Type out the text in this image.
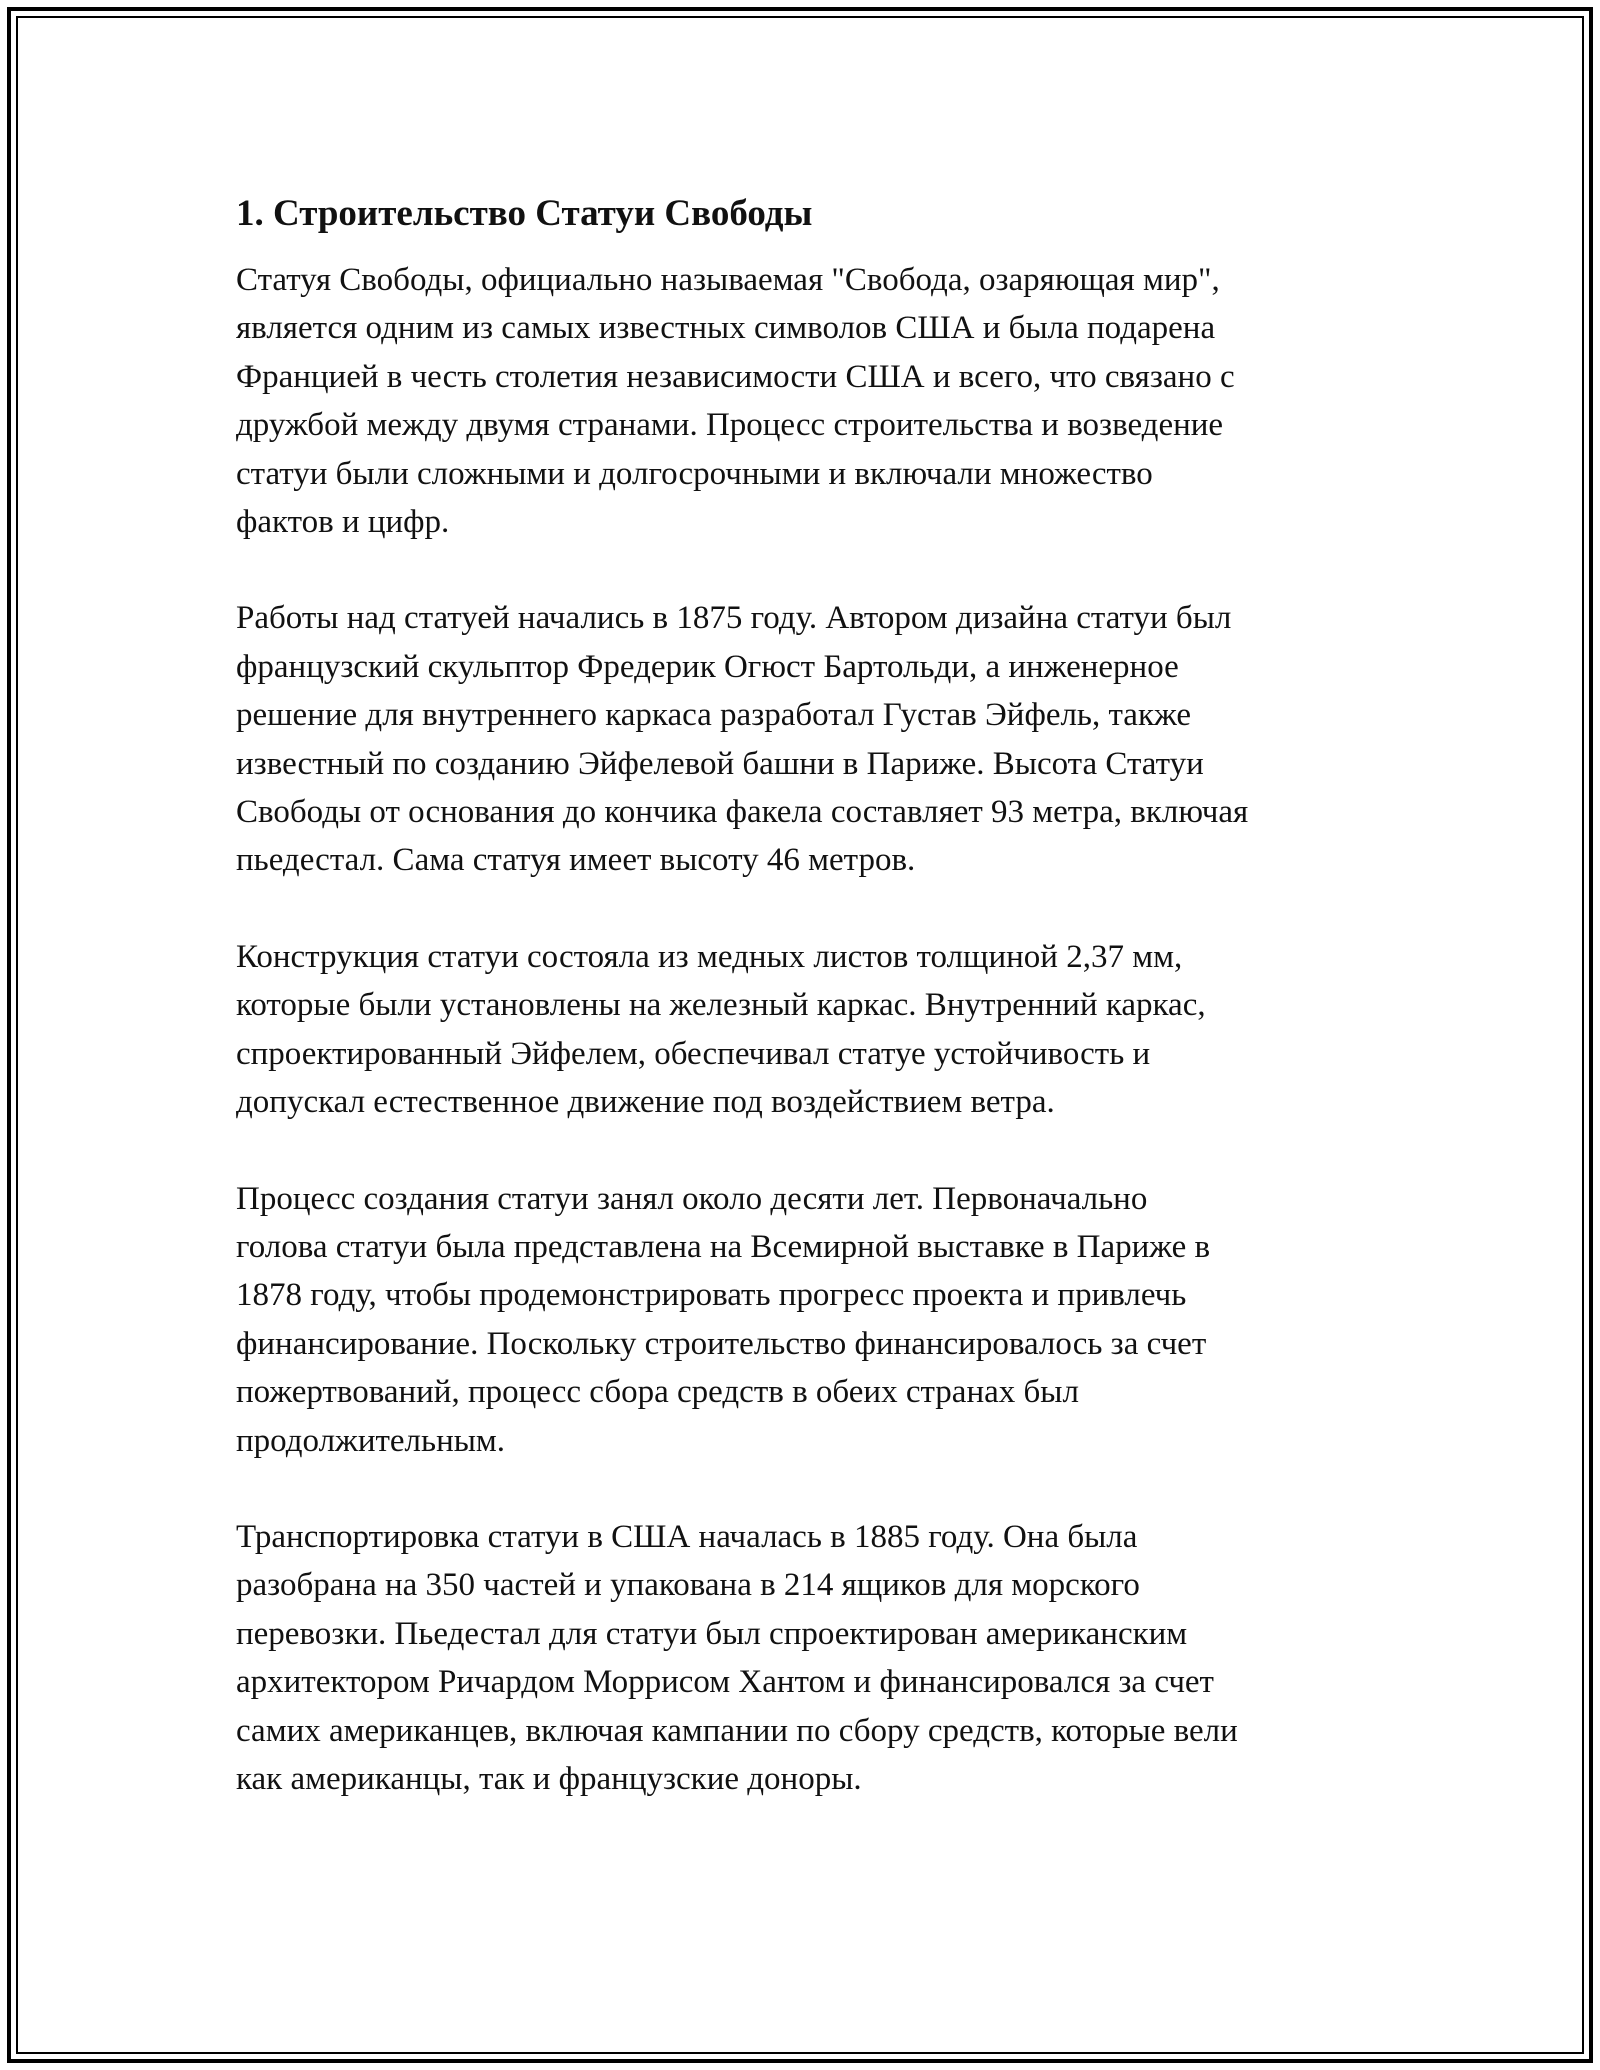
1. Строительство Статуи Свободы
Статуя Свободы, официально называемая "Свобода, озаряющая мир",
является одним из самых известных символов США и была подарена
Францией в честь столетия независимости США и всего, что связано с
дружбой между двумя странами. Процесс строительства и возведение
статуи были сложными и долгосрочными и включали множество
фактов и цифр.
Работы над статуей начались в 1875 году. Автором дизайна статуи был
французский скульптор Фредерик Огюст Бартольди, а инженерное
решение для внутреннего каркаса разработал Густав Эйфель, также
известный по созданию Эйфелевой башни в Париже. Высота Статуи
Свободы от основания до кончика факела составляет 93 метра, включая
пьедестал. Сама статуя имеет высоту 46 метров.
Конструкция статуи состояла из медных листов толщиной 2,37 мм,
которые были установлены на железный каркас. Внутренний каркас,
спроектированный Эйфелем, обеспечивал статуе устойчивость и
допускал естественное движение под воздействием ветра.
Процесс создания статуи занял около десяти лет. Первоначально
голова статуи была представлена на Всемирной выставке в Париже в
1878 году, чтобы продемонстрировать прогресс проекта и привлечь
финансирование. Поскольку строительство финансировалось за счет
пожертвований, процесс сбора средств в обеих странах был
продолжительным.
Транспортировка статуи в США началась в 1885 году. Она была
разобрана на 350 частей и упакована в 214 ящиков для морского
перевозки. Пьедестал для статуи был спроектирован американским
архитектором Ричардом Моррисом Хантом и финансировался за счет
самих американцев, включая кампании по сбору средств, которые вели
как американцы, так и французские доноры.
